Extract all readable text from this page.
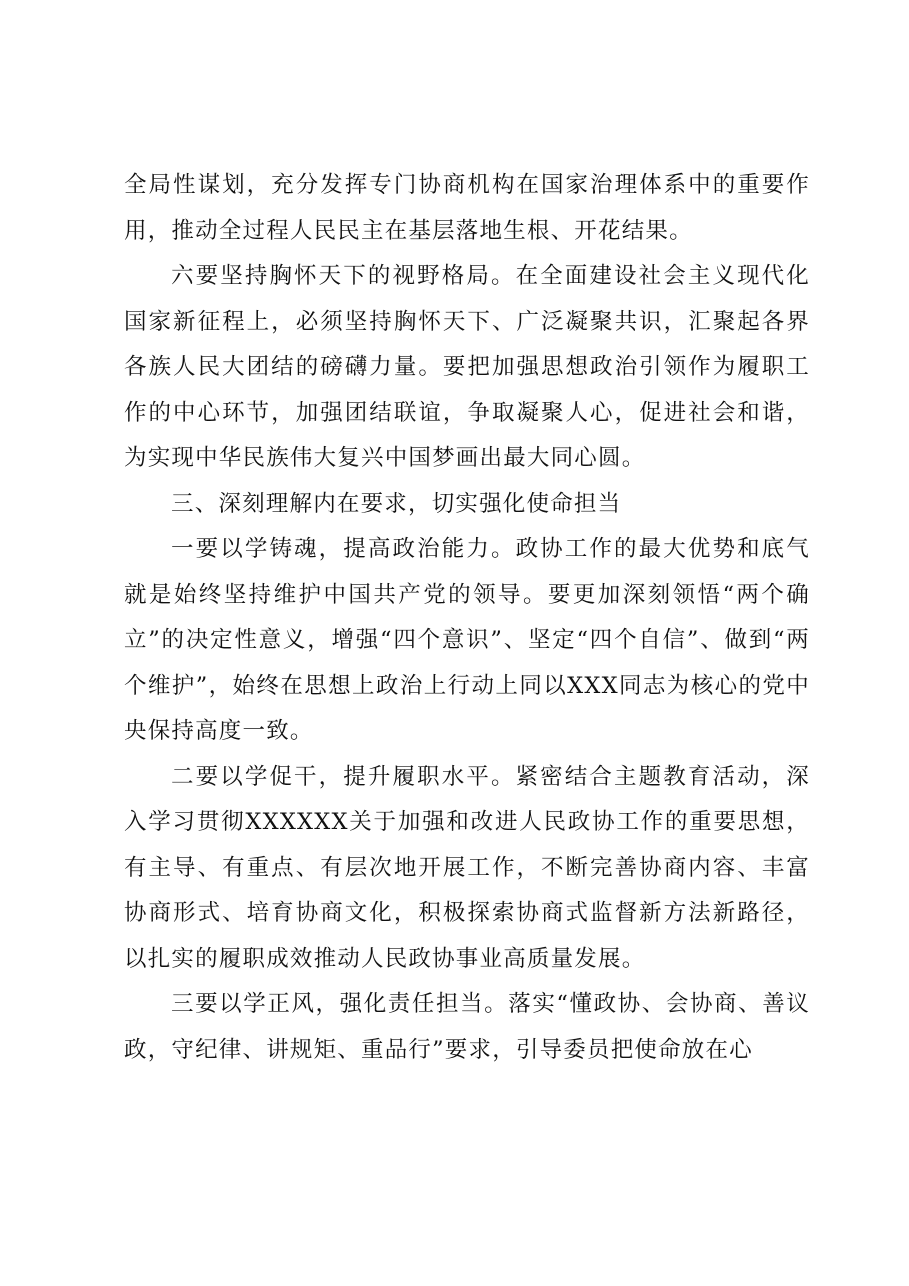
全局性谋划，充分发挥专门协商机构在国家治理体系中的重要作用，推动全过程人民民主在基层落地生根、开花结果。

六要坚持胸怀天下的视野格局。在全面建设社会主义现代化国家新征程上，必须坚持胸怀天下、广泛凝聚共识，汇聚起各界各族人民大团结的磅礴力量。要把加强思想政治引领作为履职工作的中心环节，加强团结联谊，争取凝聚人心，促进社会和谐，为实现中华民族伟大复兴中国梦画出最大同心圆。

三、深刻理解内在要求，切实强化使命担当

一要以学铸魂，提高政治能力。政协工作的最大优势和底气就是始终坚持维护中国共产党的领导。要更加深刻领悟“两个确立”的决定性意义，增强“四个意识”、坚定“四个自信”、做到“两个维护”，始终在思想上政治上行动上同以XXX同志为核心的党中央保持高度一致。

二要以学促干，提升履职水平。紧密结合主题教育活动，深入学习贯彻XXXXXX关于加强和改进人民政协工作的重要思想，有主导、有重点、有层次地开展工作，不断完善协商内容、丰富协商形式、培育协商文化，积极探索协商式监督新方法新路径，以扎实的履职成效推动人民政协事业高质量发展。

三要以学正风，强化责任担当。落实“懂政协、会协商、善议政，守纪律、讲规矩、重品行”要求，引导委员把使命放在心
